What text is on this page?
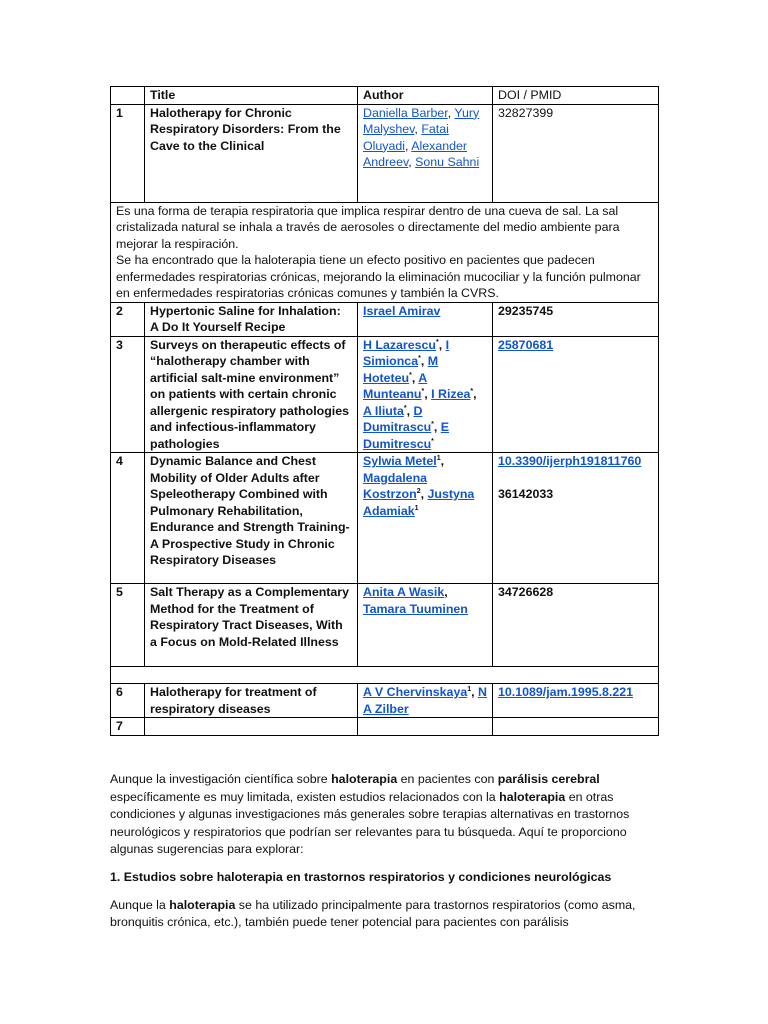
	Title	Author	DOI / PMID
1	Halotherapy for Chronic Respiratory Disorders: From the Cave to the Clinical	Daniella Barber, Yury Malyshev, Fatai Oluyadi, Alexander Andreev, Sonu Sahni	32827399

Es una forma de terapia respiratoria que implica respirar dentro de una cueva de sal. La sal cristalizada natural se inhala a través de aerosoles o directamente del medio ambiente para mejorar la respiración.

Se ha encontrado que la haloterapia tiene un efecto positivo en pacientes que padecen enfermedades respiratorias crónicas, mejorando la eliminación mucociliar y la función pulmonar en enfermedades respiratorias crónicas comunes y también la CVRS.			

2	Hypertonic Saline for Inhalation: A Do It Yourself Recipe	Israel Amirav	29235745
3	Surveys on therapeutic effects of “halotherapy chamber with artificial salt-mine environment” on patients with certain chronic allergenic respiratory pathologies and infectious-inflammatory pathologies	H Lazarescu*, I Simionca*, M Hoteteu*, A Munteanu*, I Rizea*, A Iliuta*, D Dumitrascu*, E Dumitrescu*	25870681
4	Dynamic Balance and Chest Mobility of Older Adults after Speleotherapy Combined with Pulmonary Rehabilitation, Endurance and Strength Training-A Prospective Study in Chronic Respiratory Diseases	Sylwia Metel$^1$, Magdalena Kostrzon$^2$, Justyna Adamiak$^1$	10.3390/ijerph191811760
36142033

5	Salt Therapy as a Complementary Method for the Treatment of Respiratory Tract Diseases, With a Focus on Mold-Related Illness	Anita A Wasik, Tamara Tuuminen	34726628

6	Halotherapy for treatment of respiratory diseases	A V Chervinskaya$^1$, N A Zilber	10.1089/jam.1995.8.221
7			

Aunque la investigación científica sobre haloterapia en pacientes con parálisis cerebral específicamente es muy limitada, existen estudios relacionados con la haloterapia en otras condiciones y algunas investigaciones más generales sobre terapias alternativas en trastornos neurológicos y respiratorios que podrían ser relevantes para tu búsqueda. Aquí te proporciono algunas sugerencias para explorar:

1. Estudios sobre haloterapia en trastornos respiratorios y condiciones neurológicas

Aunque la haloterapia se ha utilizado principalmente para trastornos respiratorios (como asma, bronquitis crónica, etc.), también puede tener potencial para pacientes con parálisis
